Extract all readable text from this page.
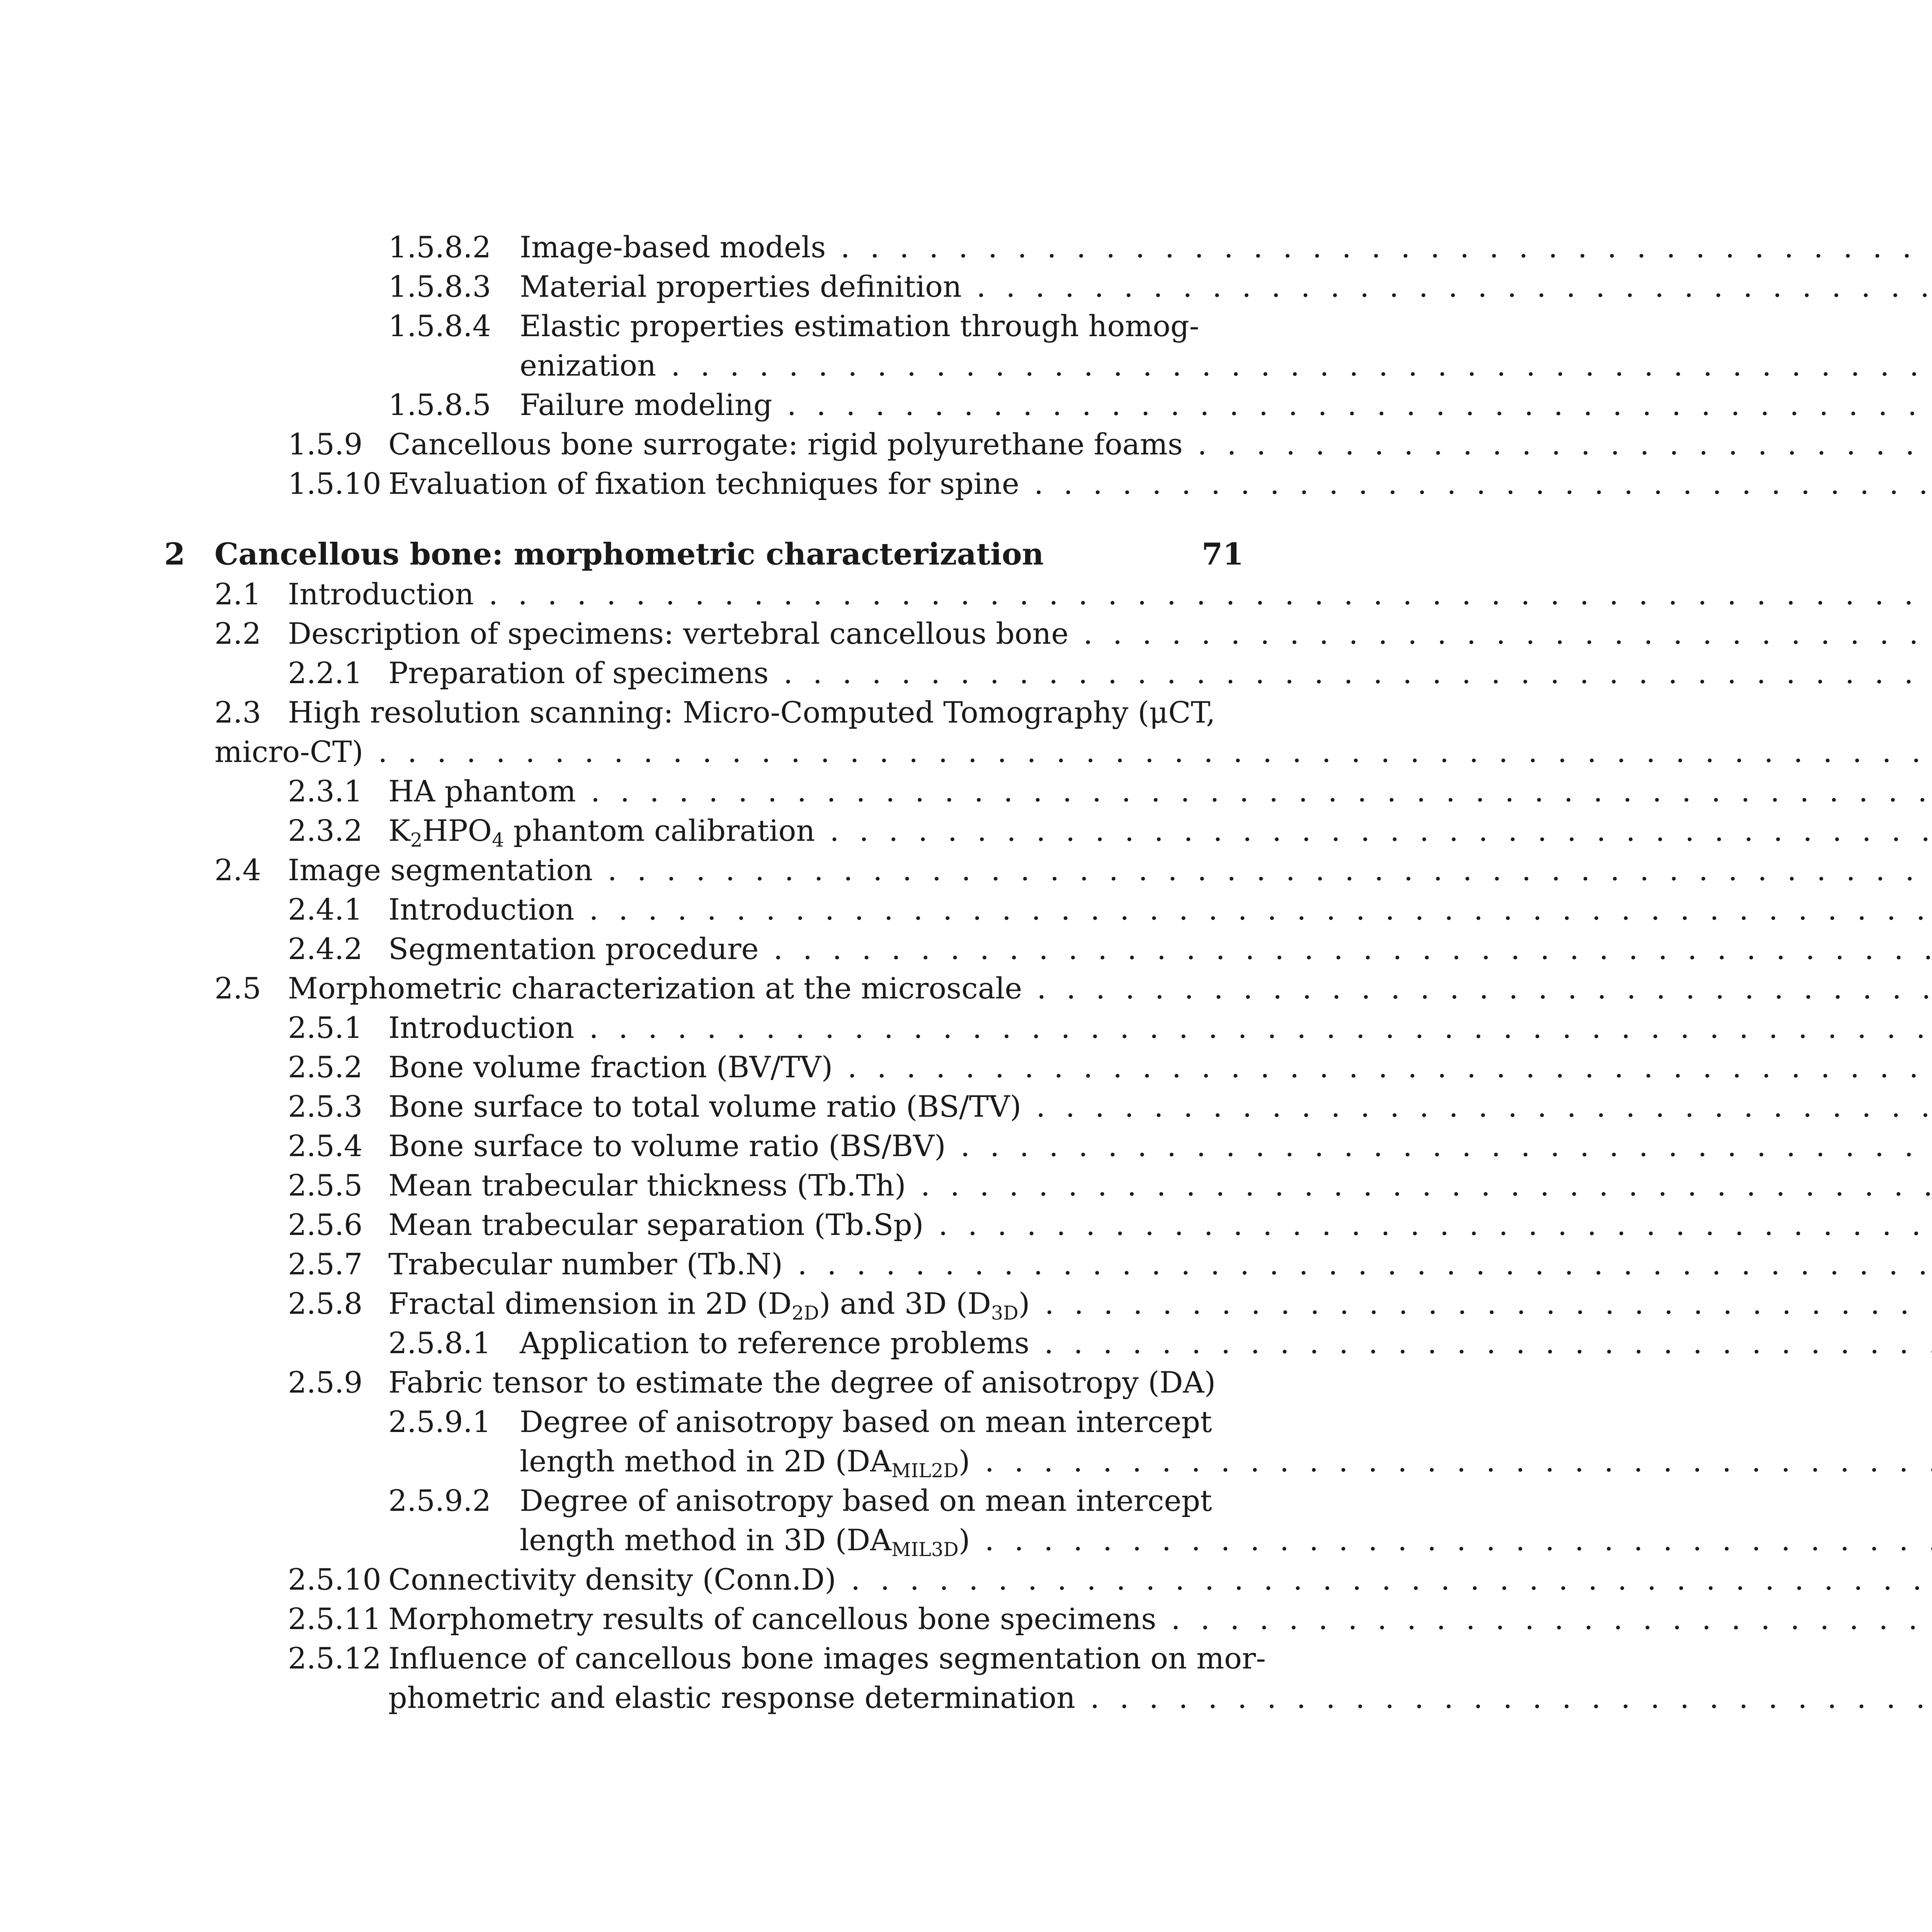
1.5.8.2 Image-based models . . .
1.5.8.3 Material properties definition . . .
1.5.8.4 Elastic properties estimation through homog-
enization . . .
1.5.8.5 Failure modeling . . .
1.5.9 Cancellous bone surrogate: rigid polyurethane foams . . .
1.5.10 Evaluation of fixation techniques for spine . . .
2 Cancellous bone: morphometric characterization	71
2.1 Introduction . . .
2.2 Description of specimens: vertebral cancellous bone . . .
2.2.1 Preparation of specimens . . .
2.3 High resolution scanning: Micro-Computed Tomography (μCT,
micro-CT) . . .
2.3.1 HA phantom . . .
2.3.2 $K_2HPO_4$ phantom calibration . . .
2.4 Image segmentation . . .
2.4.1 Introduction . . .
2.4.2 Segmentation procedure . . .
2.5 Morphometric characterization at the microscale . . .
2.5.1 Introduction . . .
2.5.2 Bone volume fraction (BV/TV) . . .
2.5.3 Bone surface to total volume ratio (BS/TV) . . .
2.5.4 Bone surface to volume ratio (BS/BV) . . .
2.5.5 Mean trabecular thickness (Tb.Th) . . .
2.5.6 Mean trabecular separation (Tb.Sp) . . .
2.5.7 Trabecular number (Tb.N) . . .
2.5.8 Fractal dimension in 2D $(D_{2D})$ and 3D $(D_{3D})$ . . .
2.5.8.1 Application to reference problems . . .
2.5.9 Fabric tensor to estimate the degree of anisotropy (DA)
2.5.9.1 Degree of anisotropy based on mean intercept
length method in 2D $(DA_{MIL2D})$ . . .
2.5.9.2 Degree of anisotropy based on mean intercept
length method in 3D $(DA_{MIL3D})$ . . .
2.5.10 Connectivity density (Conn.D) . . .
2.5.11 Morphometry results of cancellous bone specimens . . .
2.5.12 Influence of cancellous bone images segmentation on mor-
phometric and elastic response determination . . .
